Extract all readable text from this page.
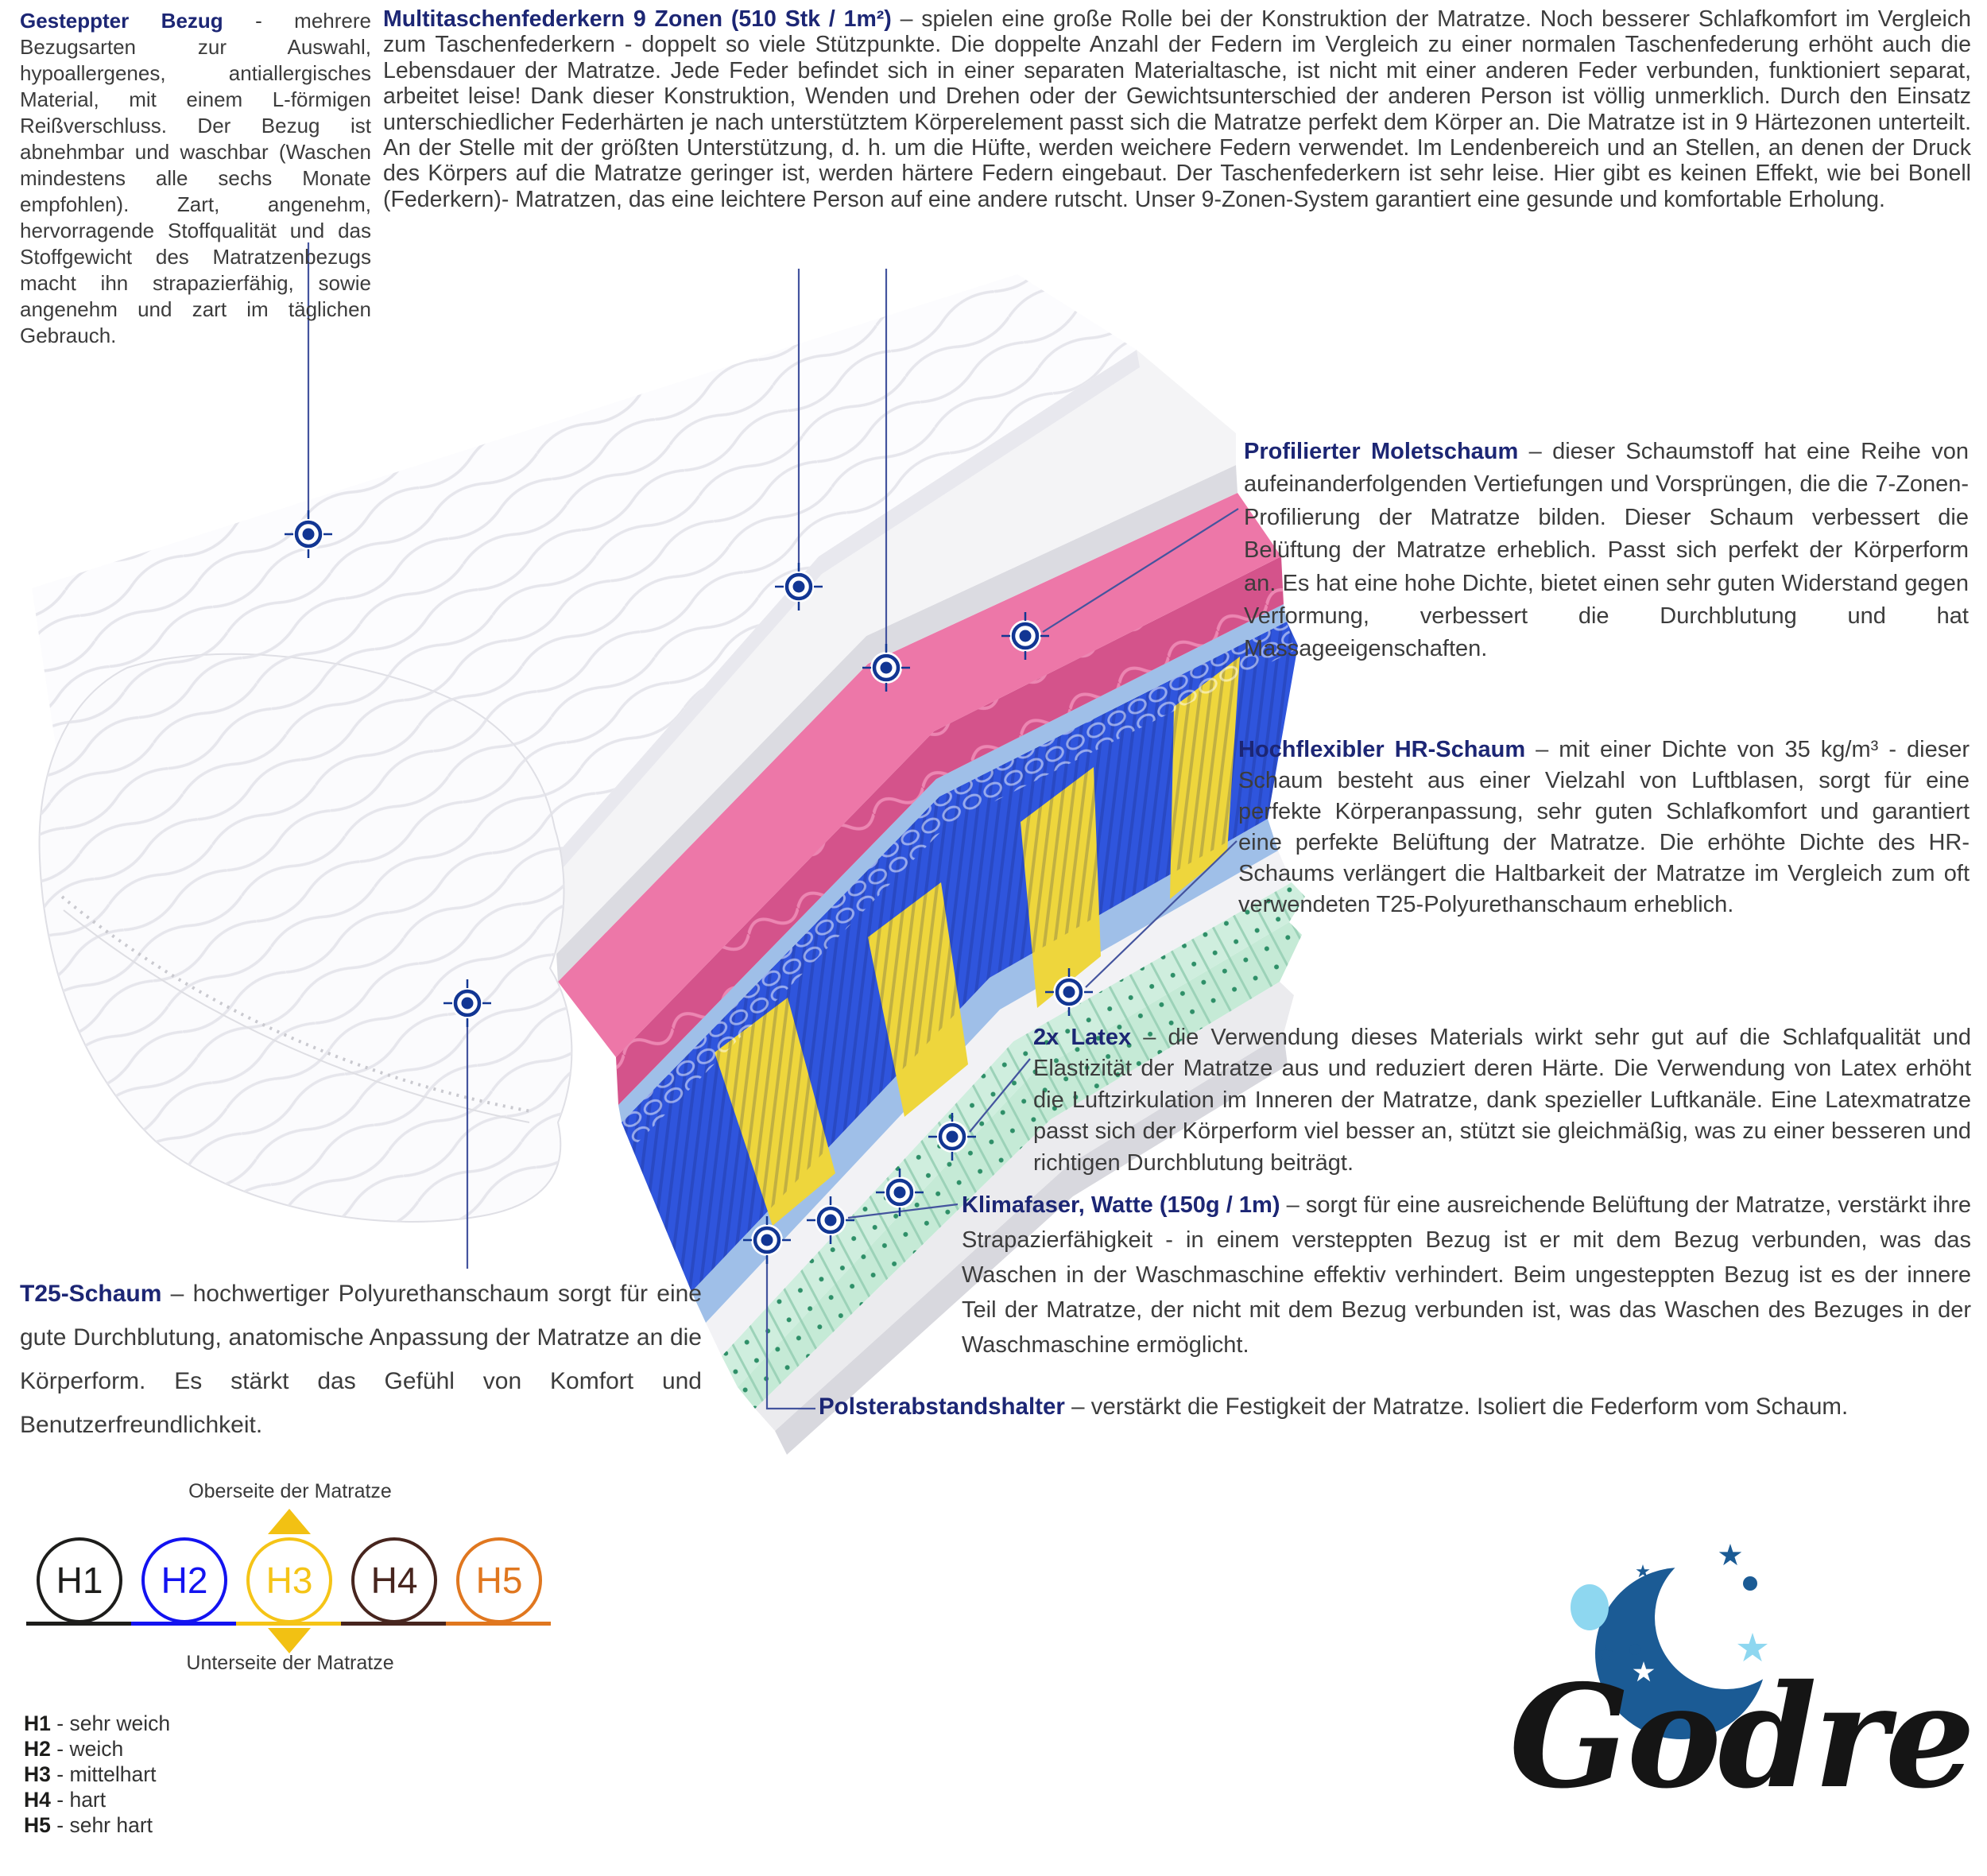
Gesteppter Bezug - mehrere Bezugsarten zur Auswahl, hypoallergenes, antiallergisches Material, mit einem L-förmigen Reißverschluss. Der Bezug ist abnehmbar und waschbar (Waschen mindestens alle sechs Monate empfohlen). Zart, angenehm, hervorragende Stoffqualität und das Stoffgewicht des Matratzenbezugs macht ihn strapazierfähig, sowie angenehm und zart im täglichen Gebrauch.

Multitaschenfederkern 9 Zonen (510 Stk / 1m²) – spielen eine große Rolle bei der Konstruktion der Matratze. Noch besserer Schlafkomfort im Vergleich zum Taschenfederkern - doppelt so viele Stützpunkte. Die doppelte Anzahl der Federn im Vergleich zu einer normalen Taschenfederung erhöht auch die Lebensdauer der Matratze. Jede Feder befindet sich in einer separaten Materialtasche, ist nicht mit einer anderen Feder verbunden, funktioniert separat, arbeitet leise! Dank dieser Konstruktion, Wenden und Drehen oder der Gewichtsunterschied der anderen Person ist völlig unmerklich. Durch den Einsatz unterschiedlicher Federhärten je nach unterstütztem Körperelement passt sich die Matratze perfekt dem Körper an. Die Matratze ist in 9 Härtezonen unterteilt. An der Stelle mit der größten Unterstützung, d. h. um die Hüfte, werden weichere Federn verwendet. Im Lendenbereich und an Stellen, an denen der Druck des Körpers auf die Matratze geringer ist, werden härtere Federn eingebaut. Der Taschenfederkern ist sehr leise. Hier gibt es keinen Effekt, wie bei Bonell (Federkern)- Matratzen, das eine leichtere Person auf eine andere rutscht. Unser 9-Zonen-System garantiert eine gesunde und komfortable Erholung.

Profilierter Moletschaum – dieser Schaumstoff hat eine Reihe von aufeinanderfolgenden Vertiefungen und Vorsprüngen, die die 7-Zonen-Profilierung der Matratze bilden. Dieser Schaum verbessert die Belüftung der Matratze erheblich. Passt sich perfekt der Körperform an. Es hat eine hohe Dichte, bietet einen sehr guten Widerstand gegen Verformung, verbessert die Durchblutung und hat Massageeigenschaften.

Hochflexibler HR-Schaum – mit einer Dichte von 35 kg/m³ - dieser Schaum besteht aus einer Vielzahl von Luftblasen, sorgt für eine perfekte Körperanpassung, sehr guten Schlafkomfort und garantiert eine perfekte Belüftung der Matratze. Die erhöhte Dichte des HR-Schaums verlängert die Haltbarkeit der Matratze im Vergleich zum oft verwendeten T25-Polyurethanschaum erheblich.

2x Latex – die Verwendung dieses Materials wirkt sehr gut auf die Schlafqualität und Elastizität der Matratze aus und reduziert deren Härte. Die Verwendung von Latex erhöht die Luftzirkulation im Inneren der Matratze, dank spezieller Luftkanäle. Eine Latexmatratze passt sich der Körperform viel besser an, stützt sie gleichmäßig, was zu einer besseren und richtigen Durchblutung beiträgt.

Klimafaser, Watte (150g / 1m) – sorgt für eine ausreichende Belüftung der Matratze, verstärkt ihre Strapazierfähigkeit - in einem versteppten Bezug ist er mit dem Bezug verbunden, was das Waschen in der Waschmaschine effektiv verhindert. Beim ungesteppten Bezug ist es der innere Teil der Matratze, der nicht mit dem Bezug verbunden ist, was das Waschen des Bezuges in der Waschmaschine ermöglicht.

T25-Schaum – hochwertiger Polyurethanschaum sorgt für eine gute Durchblutung, anatomische Anpassung der Matratze an die Körperform. Es stärkt das Gefühl von Komfort und Benutzerfreundlichkeit.

Polsterabstandshalter – verstärkt die Festigkeit der Matratze. Isoliert die Federform vom Schaum.

Oberseite der Matratze
H1 H2 H3 H4 H5
Unterseite der Matratze
H1 - sehr weich
H2 - weich
H3 - mittelhart
H4 - hart
H5 - sehr hart
Godre
